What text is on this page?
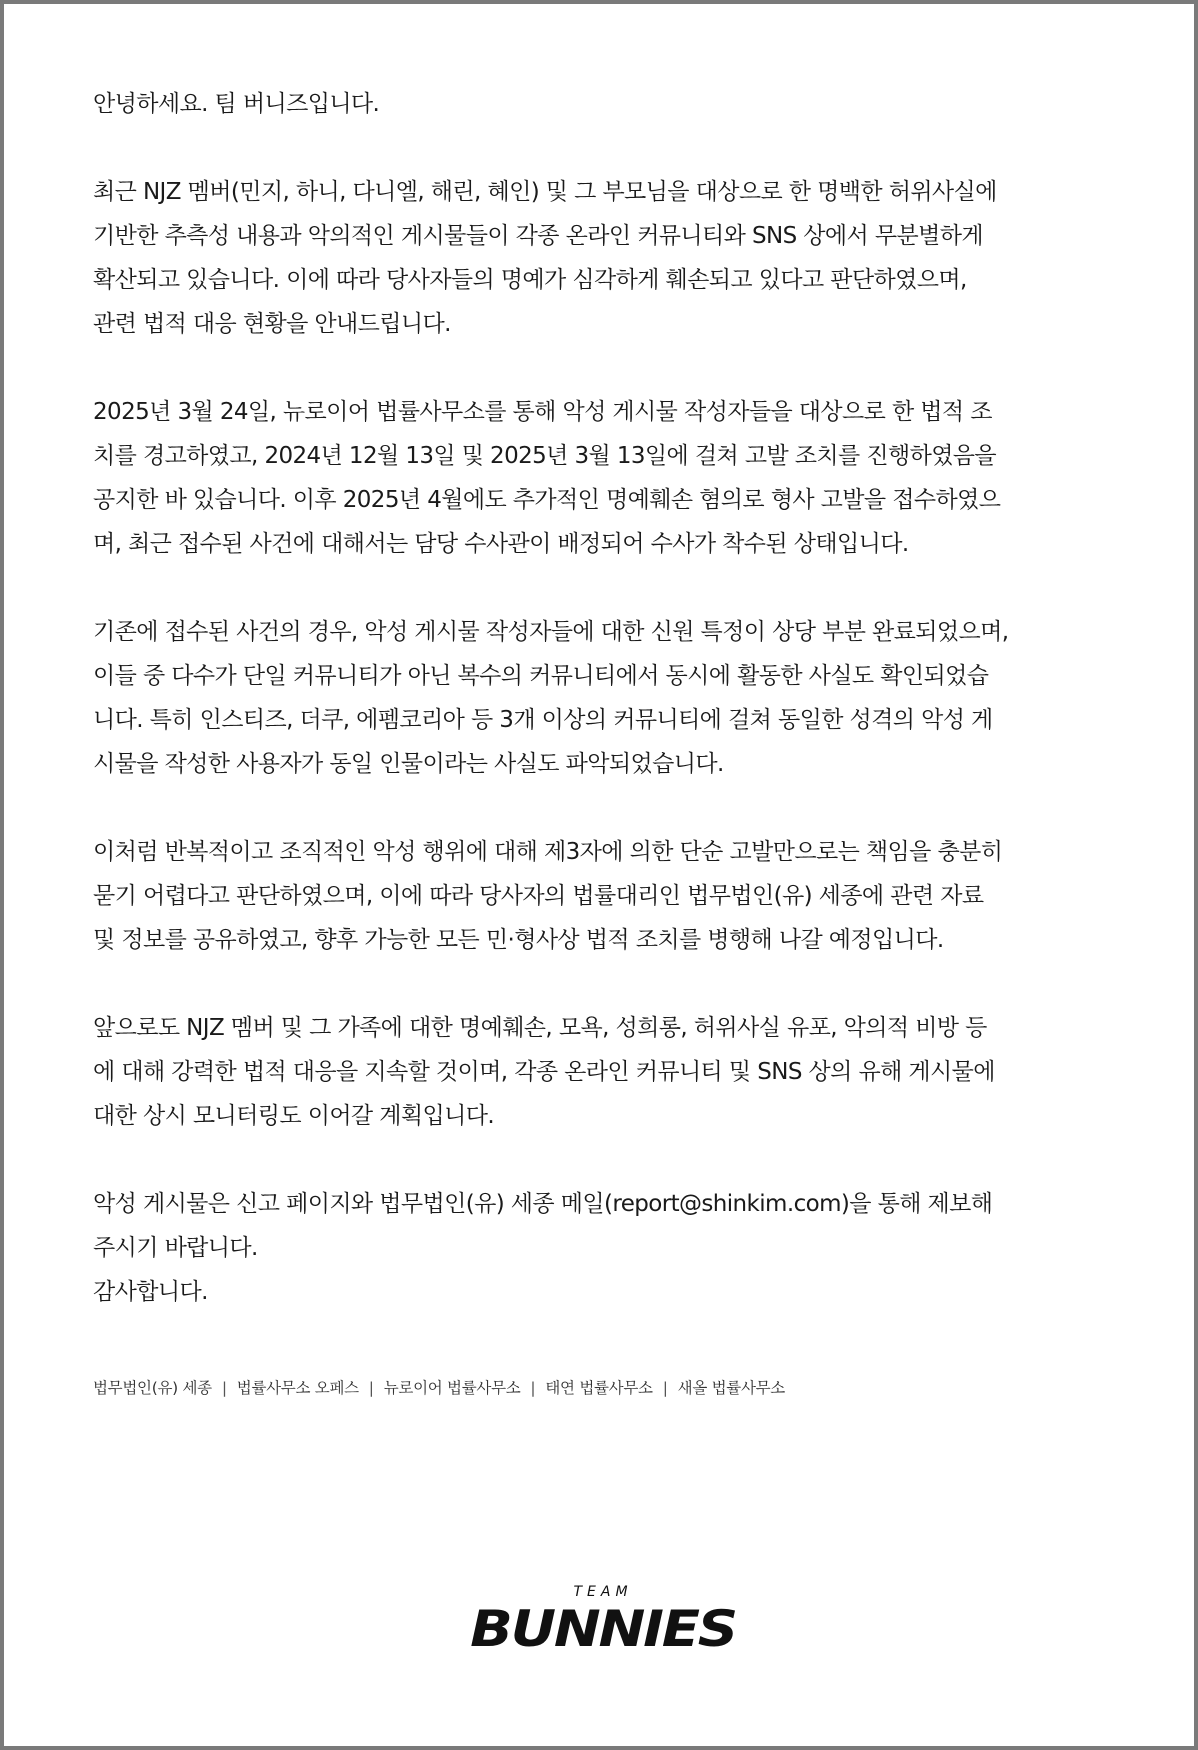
안녕하세요. 팀 버니즈입니다.

최근 NJZ 멤버(민지, 하니, 다니엘, 해린, 혜인) 및 그 부모님을 대상으로 한 명백한 허위사실에
기반한 추측성 내용과 악의적인 게시물들이 각종 온라인 커뮤니티와 SNS 상에서 무분별하게
확산되고 있습니다. 이에 따라 당사자들의 명예가 심각하게 훼손되고 있다고 판단하였으며,
관련 법적 대응 현황을 안내드립니다.

2025년 3월 24일, 뉴로이어 법률사무소를 통해 악성 게시물 작성자들을 대상으로 한 법적 조
치를 경고하였고, 2024년 12월 13일 및 2025년 3월 13일에 걸쳐 고발 조치를 진행하였음을
공지한 바 있습니다. 이후 2025년 4월에도 추가적인 명예훼손 혐의로 형사 고발을 접수하였으
며, 최근 접수된 사건에 대해서는 담당 수사관이 배정되어 수사가 착수된 상태입니다.

기존에 접수된 사건의 경우, 악성 게시물 작성자들에 대한 신원 특정이 상당 부분 완료되었으며,
이들 중 다수가 단일 커뮤니티가 아닌 복수의 커뮤니티에서 동시에 활동한 사실도 확인되었습
니다. 특히 인스티즈, 더쿠, 에펨코리아 등 3개 이상의 커뮤니티에 걸쳐 동일한 성격의 악성 게
시물을 작성한 사용자가 동일 인물이라는 사실도 파악되었습니다.

이처럼 반복적이고 조직적인 악성 행위에 대해 제3자에 의한 단순 고발만으로는 책임을 충분히
묻기 어렵다고 판단하였으며, 이에 따라 당사자의 법률대리인 법무법인(유) 세종에 관련 자료
및 정보를 공유하였고, 향후 가능한 모든 민·형사상 법적 조치를 병행해 나갈 예정입니다.

앞으로도 NJZ 멤버 및 그 가족에 대한 명예훼손, 모욕, 성희롱, 허위사실 유포, 악의적 비방 등
에 대해 강력한 법적 대응을 지속할 것이며, 각종 온라인 커뮤니티 및 SNS 상의 유해 게시물에
대한 상시 모니터링도 이어갈 계획입니다.

악성 게시물은 신고 페이지와 법무법인(유) 세종 메일(report@shinkim.com)을 통해 제보해
주시기 바랍니다.
감사합니다.

법무법인(유) 세종 | 법률사무소 오페스 | 뉴로이어 법률사무소 | 태연 법률사무소 | 새올 법률사무소
TEAM
BUNNIES
